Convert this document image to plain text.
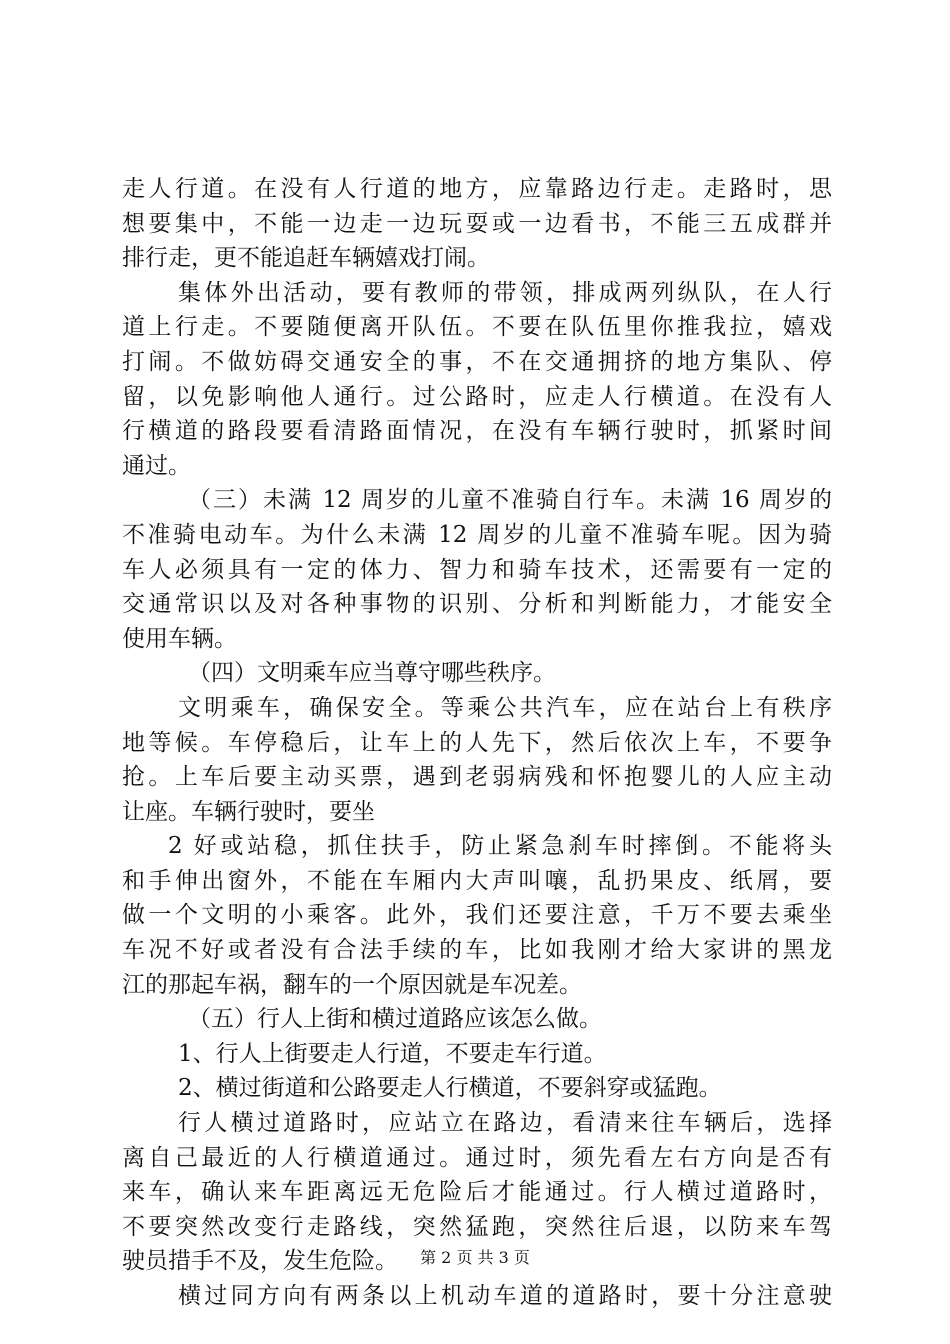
走人行道。在没有人行道的地方，应靠路边行走。走路时，思
想要集中，不能一边走一边玩耍或一边看书，不能三五成群并
排行走，更不能追赶车辆嬉戏打闹。
集体外出活动，要有教师的带领，排成两列纵队，在人行
道上行走。不要随便离开队伍。不要在队伍里你推我拉，嬉戏
打闹。不做妨碍交通安全的事，不在交通拥挤的地方集队、停
留，以免影响他人通行。过公路时，应走人行横道。在没有人
行横道的路段要看清路面情况，在没有车辆行驶时，抓紧时间
通过。
（三）未满 12 周岁的儿童不准骑自行车。未满 16 周岁的
不准骑电动车。为什么未满 12 周岁的儿童不准骑车呢。因为骑
车人必须具有一定的体力、智力和骑车技术，还需要有一定的
交通常识以及对各种事物的识别、分析和判断能力，才能安全
使用车辆。
（四）文明乘车应当尊守哪些秩序。
文明乘车，确保安全。等乘公共汽车，应在站台上有秩序
地等候。车停稳后，让车上的人先下，然后依次上车，不要争
抢。上车后要主动买票，遇到老弱病残和怀抱婴儿的人应主动
让座。车辆行驶时，要坐
2 好或站稳，抓住扶手，防止紧急刹车时摔倒。不能将头
和手伸出窗外，不能在车厢内大声叫嚷，乱扔果皮、纸屑，要
做一个文明的小乘客。此外，我们还要注意，千万不要去乘坐
车况不好或者没有合法手续的车，比如我刚才给大家讲的黑龙
江的那起车祸，翻车的一个原因就是车况差。
（五）行人上街和横过道路应该怎么做。
1、行人上街要走人行道，不要走车行道。
2、横过街道和公路要走人行横道，不要斜穿或猛跑。
行人横过道路时，应站立在路边，看清来往车辆后，选择
离自己最近的人行横道通过。通过时，须先看左右方向是否有
来车，确认来车距离远无危险后才能通过。行人横过道路时，
不要突然改变行走路线，突然猛跑，突然往后退，以防来车驾
驶员措手不及，发生危险。
横过同方向有两条以上机动车道的道路时，要十分注意驶
第 2 页 共 3 页
